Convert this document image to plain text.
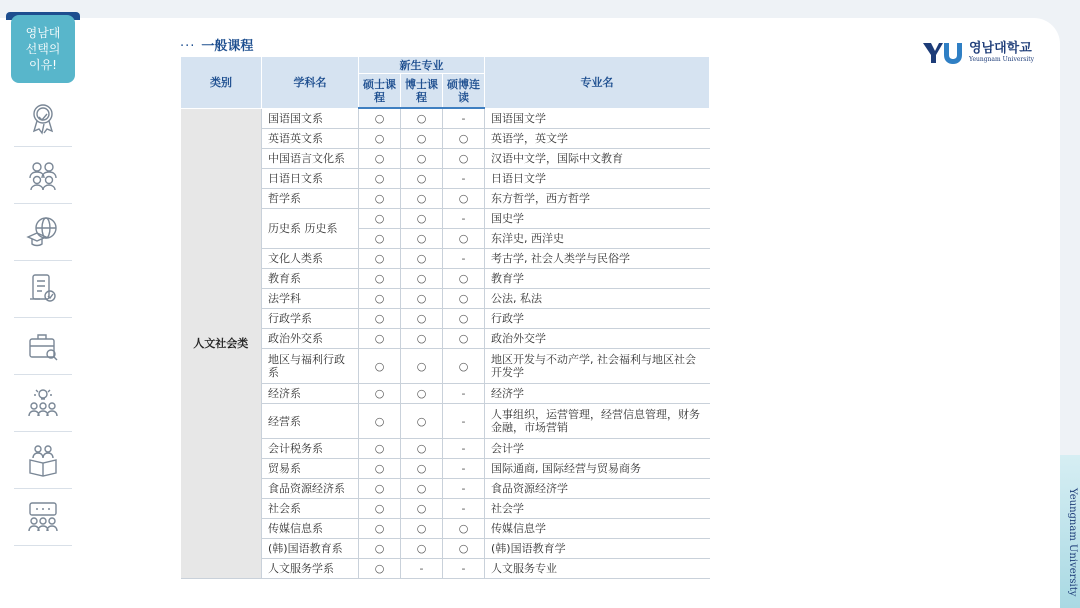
영남대
선택의
이유!
영남대학교
Yeungnam University
Yeungnam University
··· 一般课程
类别	学科名	新生专业			专业名
		硕士课程	博士课程	硕博连读	
人文社会类	国语国文系	○	○	-	国语国文学
	英语英文系	○	○	○	英语学，英文学
	中国语言文化系	○	○	○	汉语中文学，国际中文教育
	日语日文系	○	○	-	日语日文学
	哲学系	○	○	○	东方哲学，西方哲学
	历史系 历史系	○	○	-	国史学
		○	○	○	东洋史, 西洋史
	文化人类系	○	○	-	考古学, 社会人类学与民俗学
	教育系	○	○	○	教育学
	法学科	○	○	○	公法, 私法
	行政学系	○	○	○	行政学
	政治外交系	○	○	○	政治外交学
	地区与福利行政系	○	○	○	地区开发与不动产学, 社会福利与地区社会开发学
	经济系	○	○	-	经济学
	经营系	○	○	-	人事组织，运营管理，经营信息管理，财务金融，市场营销
	会计税务系	○	○	-	会计学
	贸易系	○	○	-	国际通商, 国际经营与贸易商务
	食品资源经济系	○	○	-	食品资源经济学
	社会系	○	○	-	社会学
	传媒信息系	○	○	○	传媒信息学
	(韩)国语教育系	○	○	○	(韩)国语教育学
	人文服务学系	○	-	-	人文服务专业
